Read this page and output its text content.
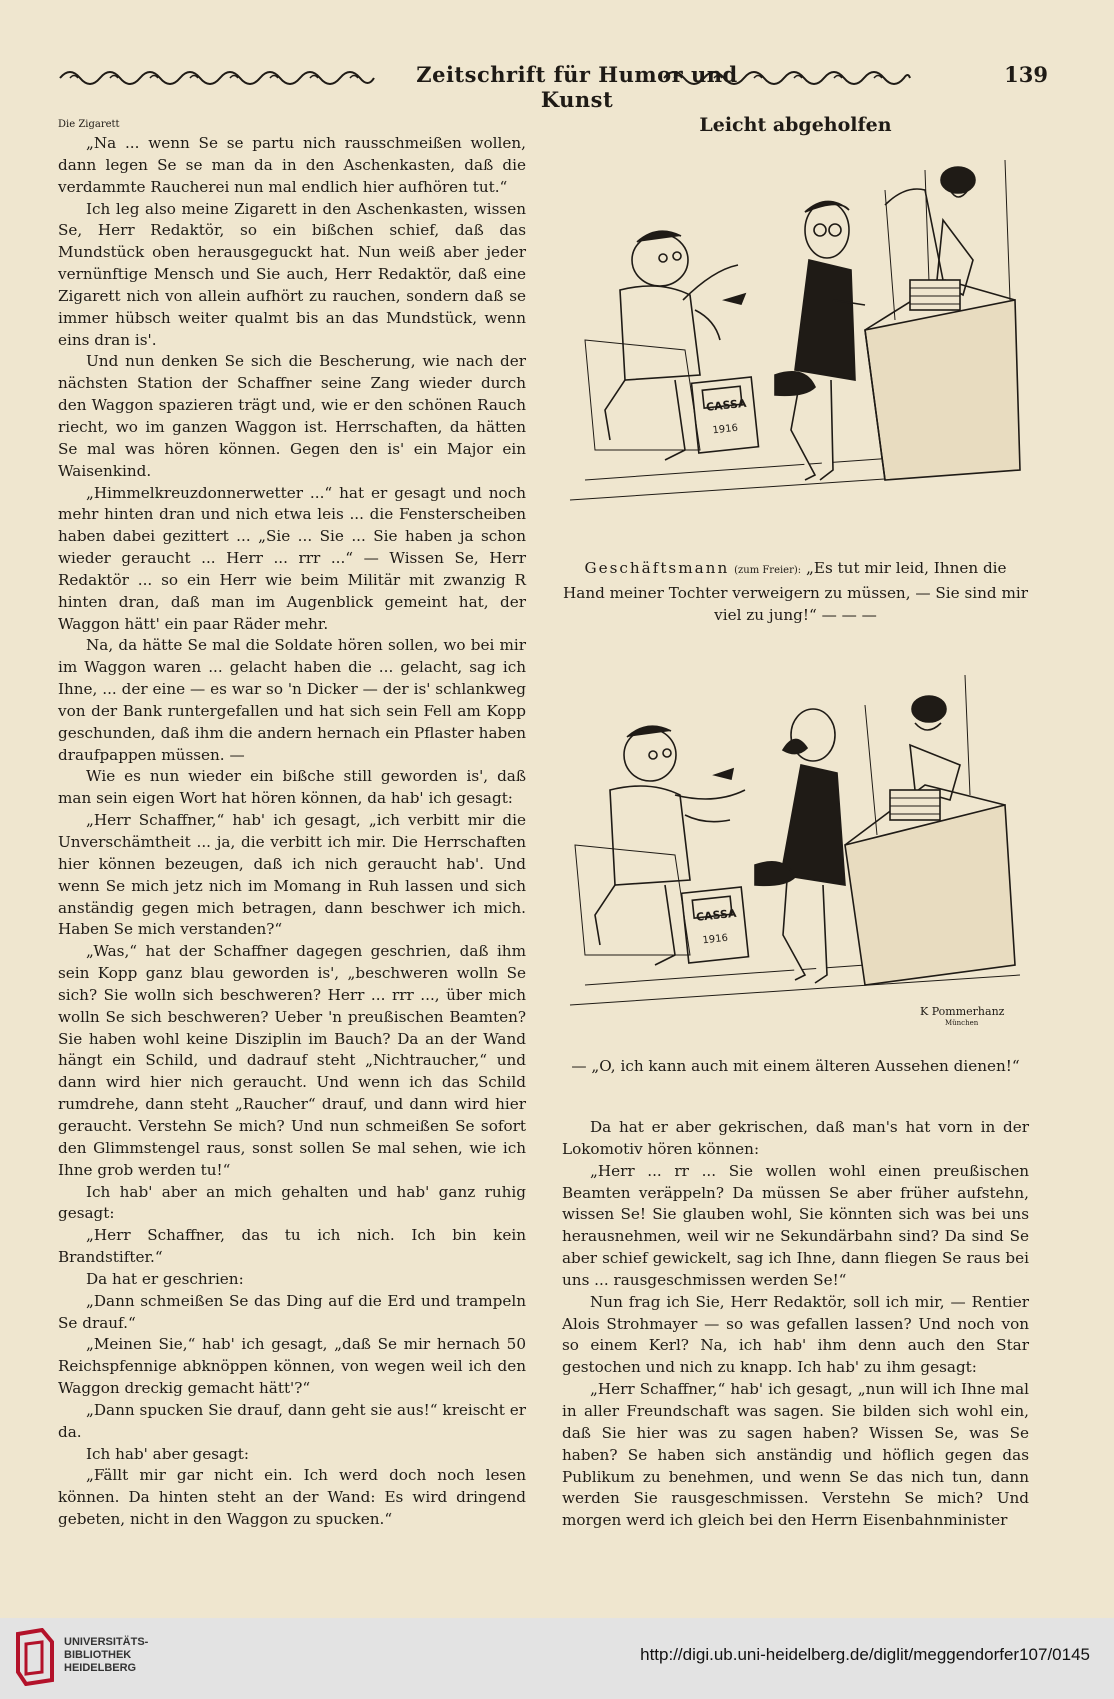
Zeitschrift für Humor und Kunst
139
Die Zigarett

„Na ... wenn Se se partu nich rausschmeißen wollen, dann legen Se se man da in den Aschenkasten, daß die verdammte Raucherei nun mal endlich hier aufhören tut.“

Ich leg also meine Zigarett in den Aschenkasten, wissen Se, Herr Redaktör, so ein bißchen schief, daß das Mundstück oben herausgeguckt hat. Nun weiß aber jeder vernünftige Mensch und Sie auch, Herr Redaktör, daß eine Zigarett nich von allein aufhört zu rauchen, sondern daß se immer hübsch weiter qualmt bis an das Mundstück, wenn eins dran is'.

Und nun denken Se sich die Bescherung, wie nach der nächsten Station der Schaffner seine Zang wieder durch den Waggon spazieren trägt und, wie er den schönen Rauch riecht, wo im ganzen Waggon ist. Herrschaften, da hätten Se mal was hören können. Gegen den is' ein Major ein Waisenkind.

„Himmelkreuzdonnerwetter ...“ hat er gesagt und noch mehr hinten dran und nich etwa leis ... die Fensterscheiben haben dabei gezittert ... „Sie ... Sie ... Sie haben ja schon wieder geraucht ... Herr ... rrr ...“ — Wissen Se, Herr Redaktör ... so ein Herr wie beim Militär mit zwanzig R hinten dran, daß man im Augenblick gemeint hat, der Waggon hätt' ein paar Räder mehr.

Na, da hätte Se mal die Soldate hören sollen, wo bei mir im Waggon waren ... gelacht haben die ... gelacht, sag ich Ihne, ... der eine — es war so 'n Dicker — der is' schlankweg von der Bank runtergefallen und hat sich sein Fell am Kopp geschunden, daß ihm die andern hernach ein Pflaster haben draufpappen müssen. —

Wie es nun wieder ein bißche still geworden is', daß man sein eigen Wort hat hören können, da hab' ich gesagt:

„Herr Schaffner,“ hab' ich gesagt, „ich verbitt mir die Unverschämtheit ... ja, die verbitt ich mir. Die Herrschaften hier können bezeugen, daß ich nich geraucht hab'. Und wenn Se mich jetz nich im Momang in Ruh lassen und sich anständig gegen mich betragen, dann beschwer ich mich. Haben Se mich verstanden?“

„Was,“ hat der Schaffner dagegen geschrien, daß ihm sein Kopp ganz blau geworden is', „beschweren wolln Se sich? Sie wolln sich beschweren? Herr ... rrr ..., über mich wolln Se sich beschweren? Ueber 'n preußischen Beamten? Sie haben wohl keine Disziplin im Bauch? Da an der Wand hängt ein Schild, und dadrauf steht „Nichtraucher,“ und dann wird hier nich geraucht. Und wenn ich das Schild rumdrehe, dann steht „Raucher“ drauf, und dann wird hier geraucht. Verstehn Se mich? Und nun schmeißen Se sofort den Glimmstengel raus, sonst sollen Se mal sehen, wie ich Ihne grob werden tu!“

Ich hab' aber an mich gehalten und hab' ganz ruhig gesagt:

„Herr Schaffner, das tu ich nich. Ich bin kein Brandstifter.“

Da hat er geschrien:

„Dann schmeißen Se das Ding auf die Erd und trampeln Se drauf.“

„Meinen Sie,“ hab' ich gesagt, „daß Se mir hernach 50 Reichspfennige abknöppen können, von wegen weil ich den Waggon dreckig gemacht hätt'?“

„Dann spucken Sie drauf, dann geht sie aus!“ kreischt er da.

Ich hab' aber gesagt:

„Fällt mir gar nicht ein. Ich werd doch noch lesen können. Da hinten steht an der Wand: Es wird dringend gebeten, nicht in den Waggon zu spucken.“

Leicht abgeholfen
CASSA
1916
Geschäftsmann (zum Freier): „Es tut mir leid, Ihnen die Hand meiner Tochter verweigern zu müssen, — Sie sind mir viel zu jung!“ — — —
CASSA
1916
K Pommerhanz
München
— „O, ich kann auch mit einem älteren Aussehen dienen!“

Da hat er aber gekrischen, daß man's hat vorn in der Lokomotiv hören können:

„Herr ... rr ... Sie wollen wohl einen preußischen Beamten veräppeln? Da müssen Se aber früher aufstehn, wissen Se! Sie glauben wohl, Sie könnten sich was bei uns herausnehmen, weil wir ne Sekundärbahn sind? Da sind Se aber schief gewickelt, sag ich Ihne, dann fliegen Se raus bei uns ... rausgeschmissen werden Se!“

Nun frag ich Sie, Herr Redaktör, soll ich mir, — Rentier Alois Strohmayer — so was gefallen lassen? Und noch von so einem Kerl? Na, ich hab' ihm denn auch den Star gestochen und nich zu knapp. Ich hab' zu ihm gesagt:

„Herr Schaffner,“ hab' ich gesagt, „nun will ich Ihne mal in aller Freundschaft was sagen. Sie bilden sich wohl ein, daß Sie hier was zu sagen haben? Wissen Se, was Se haben? Se haben sich anständig und höflich gegen das Publikum zu benehmen, und wenn Se das nich tun, dann werden Sie rausgeschmissen. Verstehn Se mich? Und morgen werd ich gleich bei den Herrn Eisenbahnminister

UNIVERSITÄTS-
BIBLIOTHEK
HEIDELBERG
http://digi.ub.uni-heidelberg.de/diglit/meggendorfer107/0145
